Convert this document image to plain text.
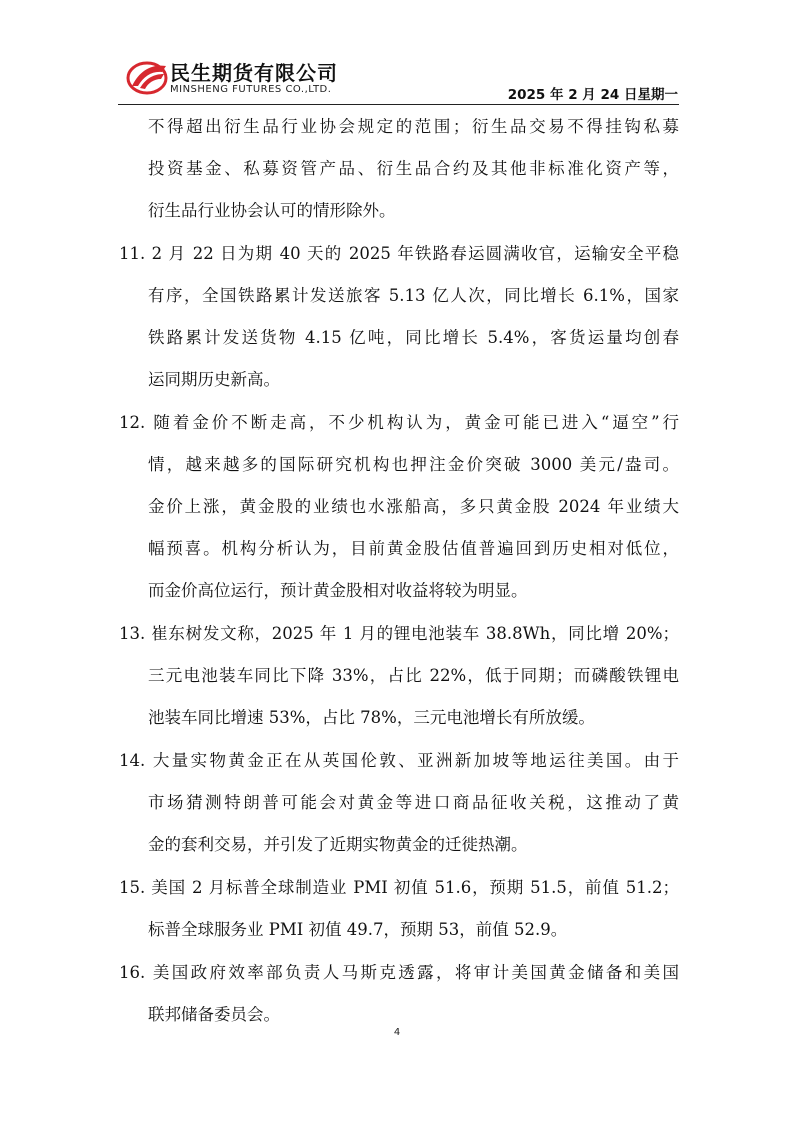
民生期货有限公司
MINSHENG FUTURES CO.,LTD.	2025 年 2 月 24 日星期一
不得超出衍生品行业协会规定的范围；衍生品交易不得挂钩私募
投资基金、私募资管产品、衍生品合约及其他非标准化资产等，
衍生品行业协会认可的情形除外。
11. 2 月 22 日为期 40 天的 2025 年铁路春运圆满收官，运输安全平稳
有序，全国铁路累计发送旅客 5.13 亿人次，同比增长 6.1%，国家
铁路累计发送货物 4.15 亿吨，同比增长 5.4%，客货运量均创春
运同期历史新高。
12. 随着金价不断走高，不少机构认为，黄金可能已进入“逼空”行
情，越来越多的国际研究机构也押注金价突破 3000 美元/盎司。
金价上涨，黄金股的业绩也水涨船高，多只黄金股 2024 年业绩大
幅预喜。机构分析认为，目前黄金股估值普遍回到历史相对低位，
而金价高位运行，预计黄金股相对收益将较为明显。
13. 崔东树发文称，2025 年 1 月的锂电池装车 38.8Wh，同比增 20%；
三元电池装车同比下降 33%，占比 22%，低于同期；而磷酸铁锂电
池装车同比增速 53%，占比 78%，三元电池增长有所放缓。
14. 大量实物黄金正在从英国伦敦、亚洲新加坡等地运往美国。由于
市场猜测特朗普可能会对黄金等进口商品征收关税，这推动了黄
金的套利交易，并引发了近期实物黄金的迁徙热潮。
15. 美国 2 月标普全球制造业 PMI 初值 51.6，预期 51.5，前值 51.2；
标普全球服务业 PMI 初值 49.7，预期 53，前值 52.9。
16. 美国政府效率部负责人马斯克透露，将审计美国黄金储备和美国
联邦储备委员会。
4
